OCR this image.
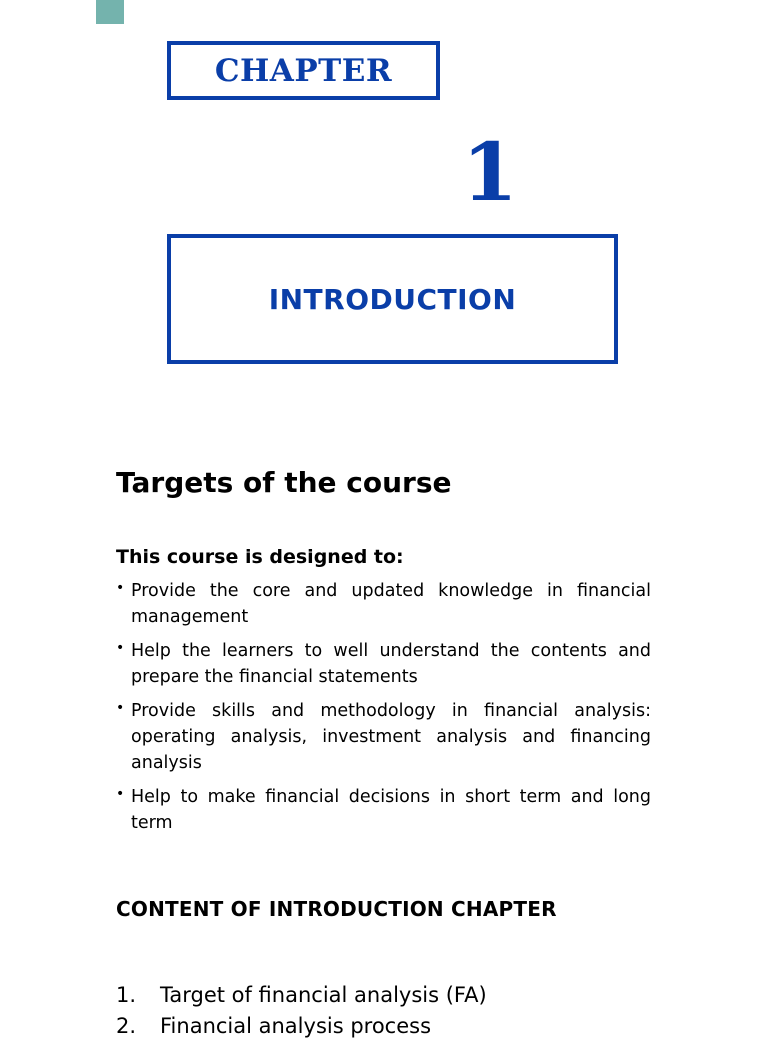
CHAPTER
1
INTRODUCTION
Targets of the course
This course is designed to:
• Provide the core and updated knowledge in financial management
• Help the learners to well understand the contents and prepare the financial statements
• Provide skills and methodology in financial analysis: operating analysis, investment analysis and financing analysis
• Help to make financial decisions in short term and long term
CONTENT OF INTRODUCTION CHAPTER
1. Target of financial analysis (FA)
2. Financial analysis process
